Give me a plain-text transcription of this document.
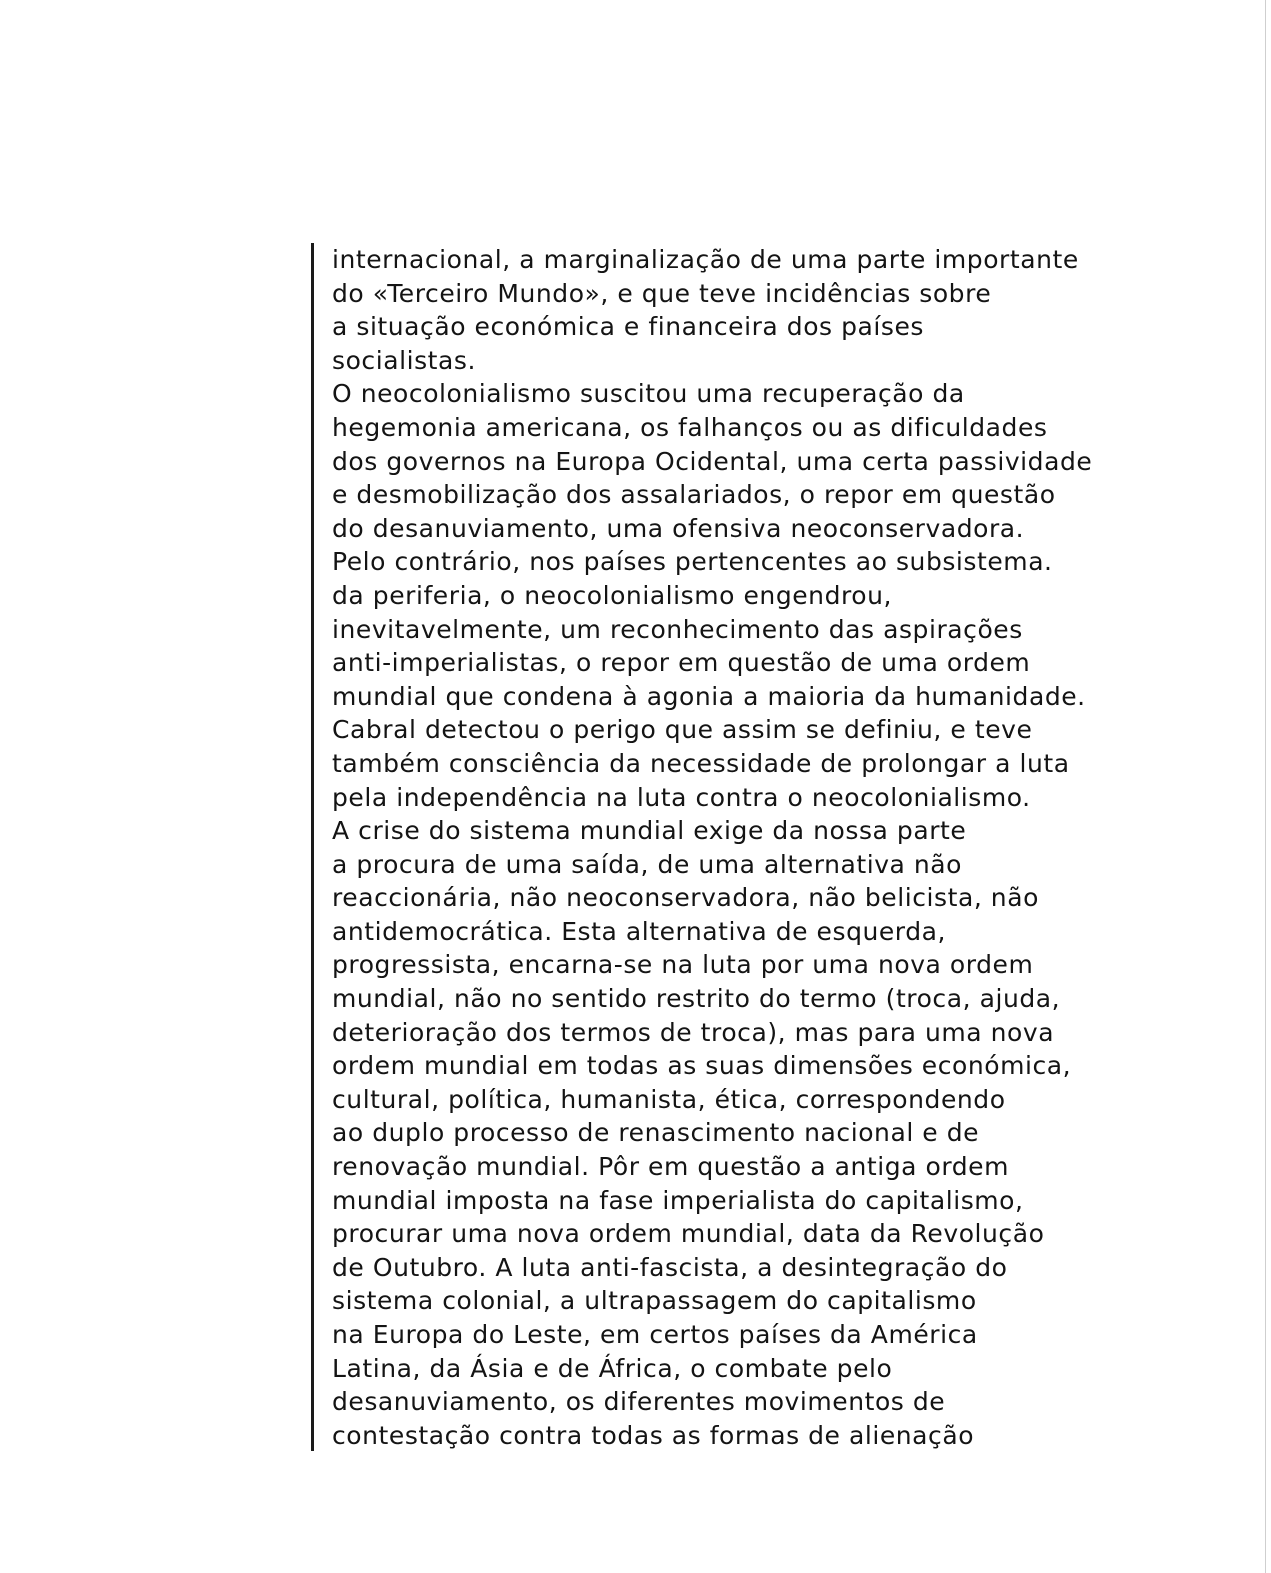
internacional, a marginalização de uma parte importante
do «Terceiro Mundo», e que teve incidências sobre
a situação económica e financeira dos países
socialistas.
O neocolonialismo suscitou uma recuperação da
hegemonia americana, os falhanços ou as dificuldades
dos governos na Europa Ocidental, uma certa passividade
e desmobilização dos assalariados, o repor em questão
do desanuviamento, uma ofensiva neoconservadora.
Pelo contrário, nos países pertencentes ao subsistema.
da periferia, o neocolonialismo engendrou,
inevitavelmente, um reconhecimento das aspirações
anti-imperialistas, o repor em questão de uma ordem
mundial que condena à agonia a maioria da humanidade.
Cabral detectou o perigo que assim se definiu, e teve
também consciência da necessidade de prolongar a luta
pela independência na luta contra o neocolonialismo.
A crise do sistema mundial exige da nossa parte
a procura de uma saída, de uma alternativa não
reaccionária, não neoconservadora, não belicista, não
antidemocrática. Esta alternativa de esquerda,
progressista, encarna-se na luta por uma nova ordem
mundial, não no sentido restrito do termo (troca, ajuda,
deterioração dos termos de troca), mas para uma nova
ordem mundial em todas as suas dimensões económica,
cultural, política, humanista, ética, correspondendo
ao duplo processo de renascimento nacional e de
renovação mundial. Pôr em questão a antiga ordem
mundial imposta na fase imperialista do capitalismo,
procurar uma nova ordem mundial, data da Revolução
de Outubro. A luta anti-fascista, a desintegração do
sistema colonial, a ultrapassagem do capitalismo
na Europa do Leste, em certos países da América
Latina, da Ásia e de África, o combate pelo
desanuviamento, os diferentes movimentos de
contestação contra todas as formas de alienação
